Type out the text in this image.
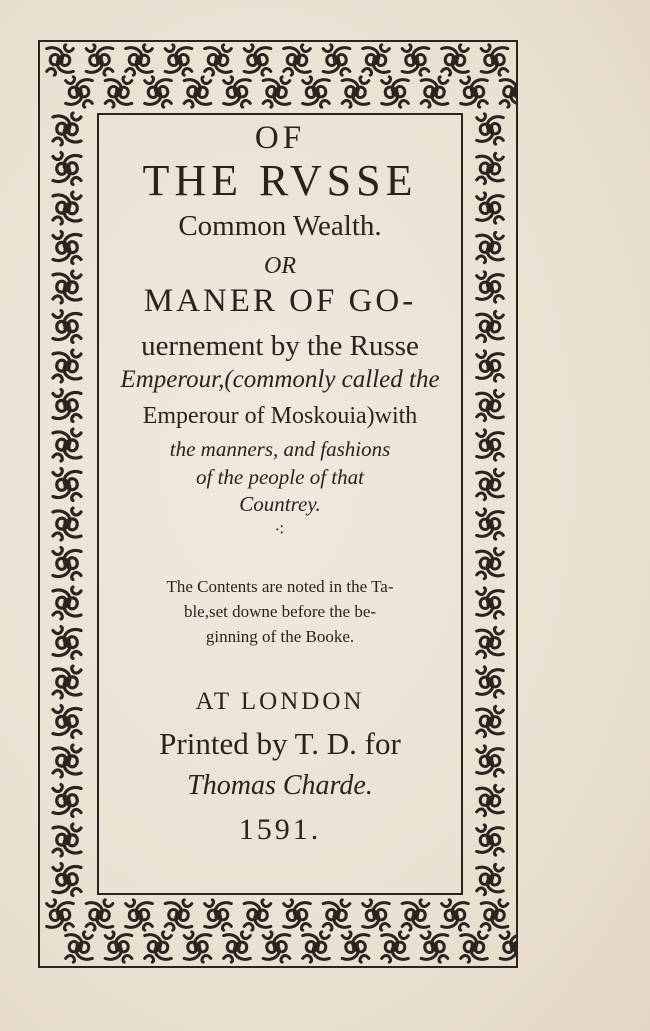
OF
THE RVSSE
Common Wealth.
OR
MANER OF GO-
uernement by the Russe
Emperour,(commonly called the
Emperour of Moskouia)with
the manners, and fashions
of the people of that
Countrey.
⁖
The Contents are noted in the Ta-
ble,set downe before the be-
ginning of the Booke.
AT LONDON
Printed by T. D. for
Thomas Charde.
1591.
